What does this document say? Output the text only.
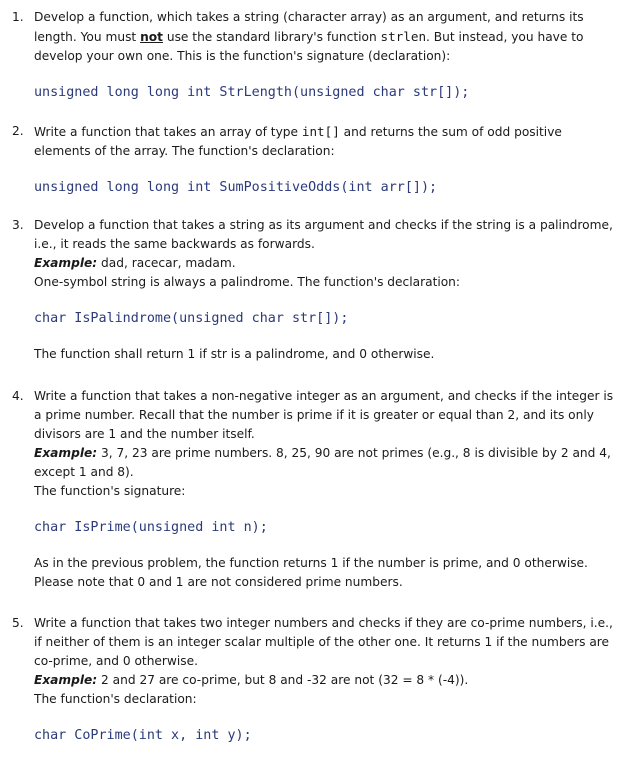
1. Develop a function, which takes a string (character array) as an argument, and returns its length. You must not use the standard library's function strlen. But instead, you have to develop your own one. This is the function's signature (declaration):

unsigned long long int StrLength(unsigned char str[]);

2. Write a function that takes an array of type int[] and returns the sum of odd positive elements of the array. The function's declaration:

unsigned long long int SumPositiveOdds(int arr[]);

3. Develop a function that takes a string as its argument and checks if the string is a palindrome, i.e., it reads the same backwards as forwards.

Example: dad, racecar, madam.

One-symbol string is always a palindrome. The function's declaration:

char IsPalindrome(unsigned char str[]);

The function shall return 1 if str is a palindrome, and 0 otherwise.

4. Write a function that takes a non-negative integer as an argument, and checks if the integer is a prime number. Recall that the number is prime if it is greater or equal than 2, and its only divisors are 1 and the number itself.

Example: 3, 7, 23 are prime numbers. 8, 25, 90 are not primes (e.g., 8 is divisible by 2 and 4, except 1 and 8).

The function's signature:

char IsPrime(unsigned int n);

As in the previous problem, the function returns 1 if the number is prime, and 0 otherwise. Please note that 0 and 1 are not considered prime numbers.

5. Write a function that takes two integer numbers and checks if they are co-prime numbers, i.e., if neither of them is an integer scalar multiple of the other one. It returns 1 if the numbers are co-prime, and 0 otherwise.

Example: 2 and 27 are co-prime, but 8 and -32 are not (32 = 8 * (-4)).

The function's declaration:

char CoPrime(int x, int y);
